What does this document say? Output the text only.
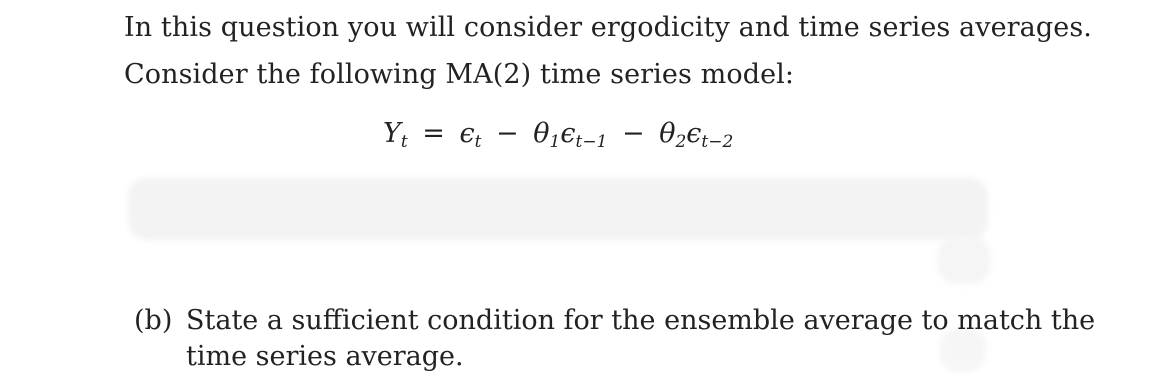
In this question you will consider ergodicity and time series averages.
Consider the following MA(2) time series model:
$Y_t = \epsilon_t - \theta_1\epsilon_{t-1} - \theta_2\epsilon_{t-2}$
(b) State a sufficient condition for the ensemble average to match the
time series average.
